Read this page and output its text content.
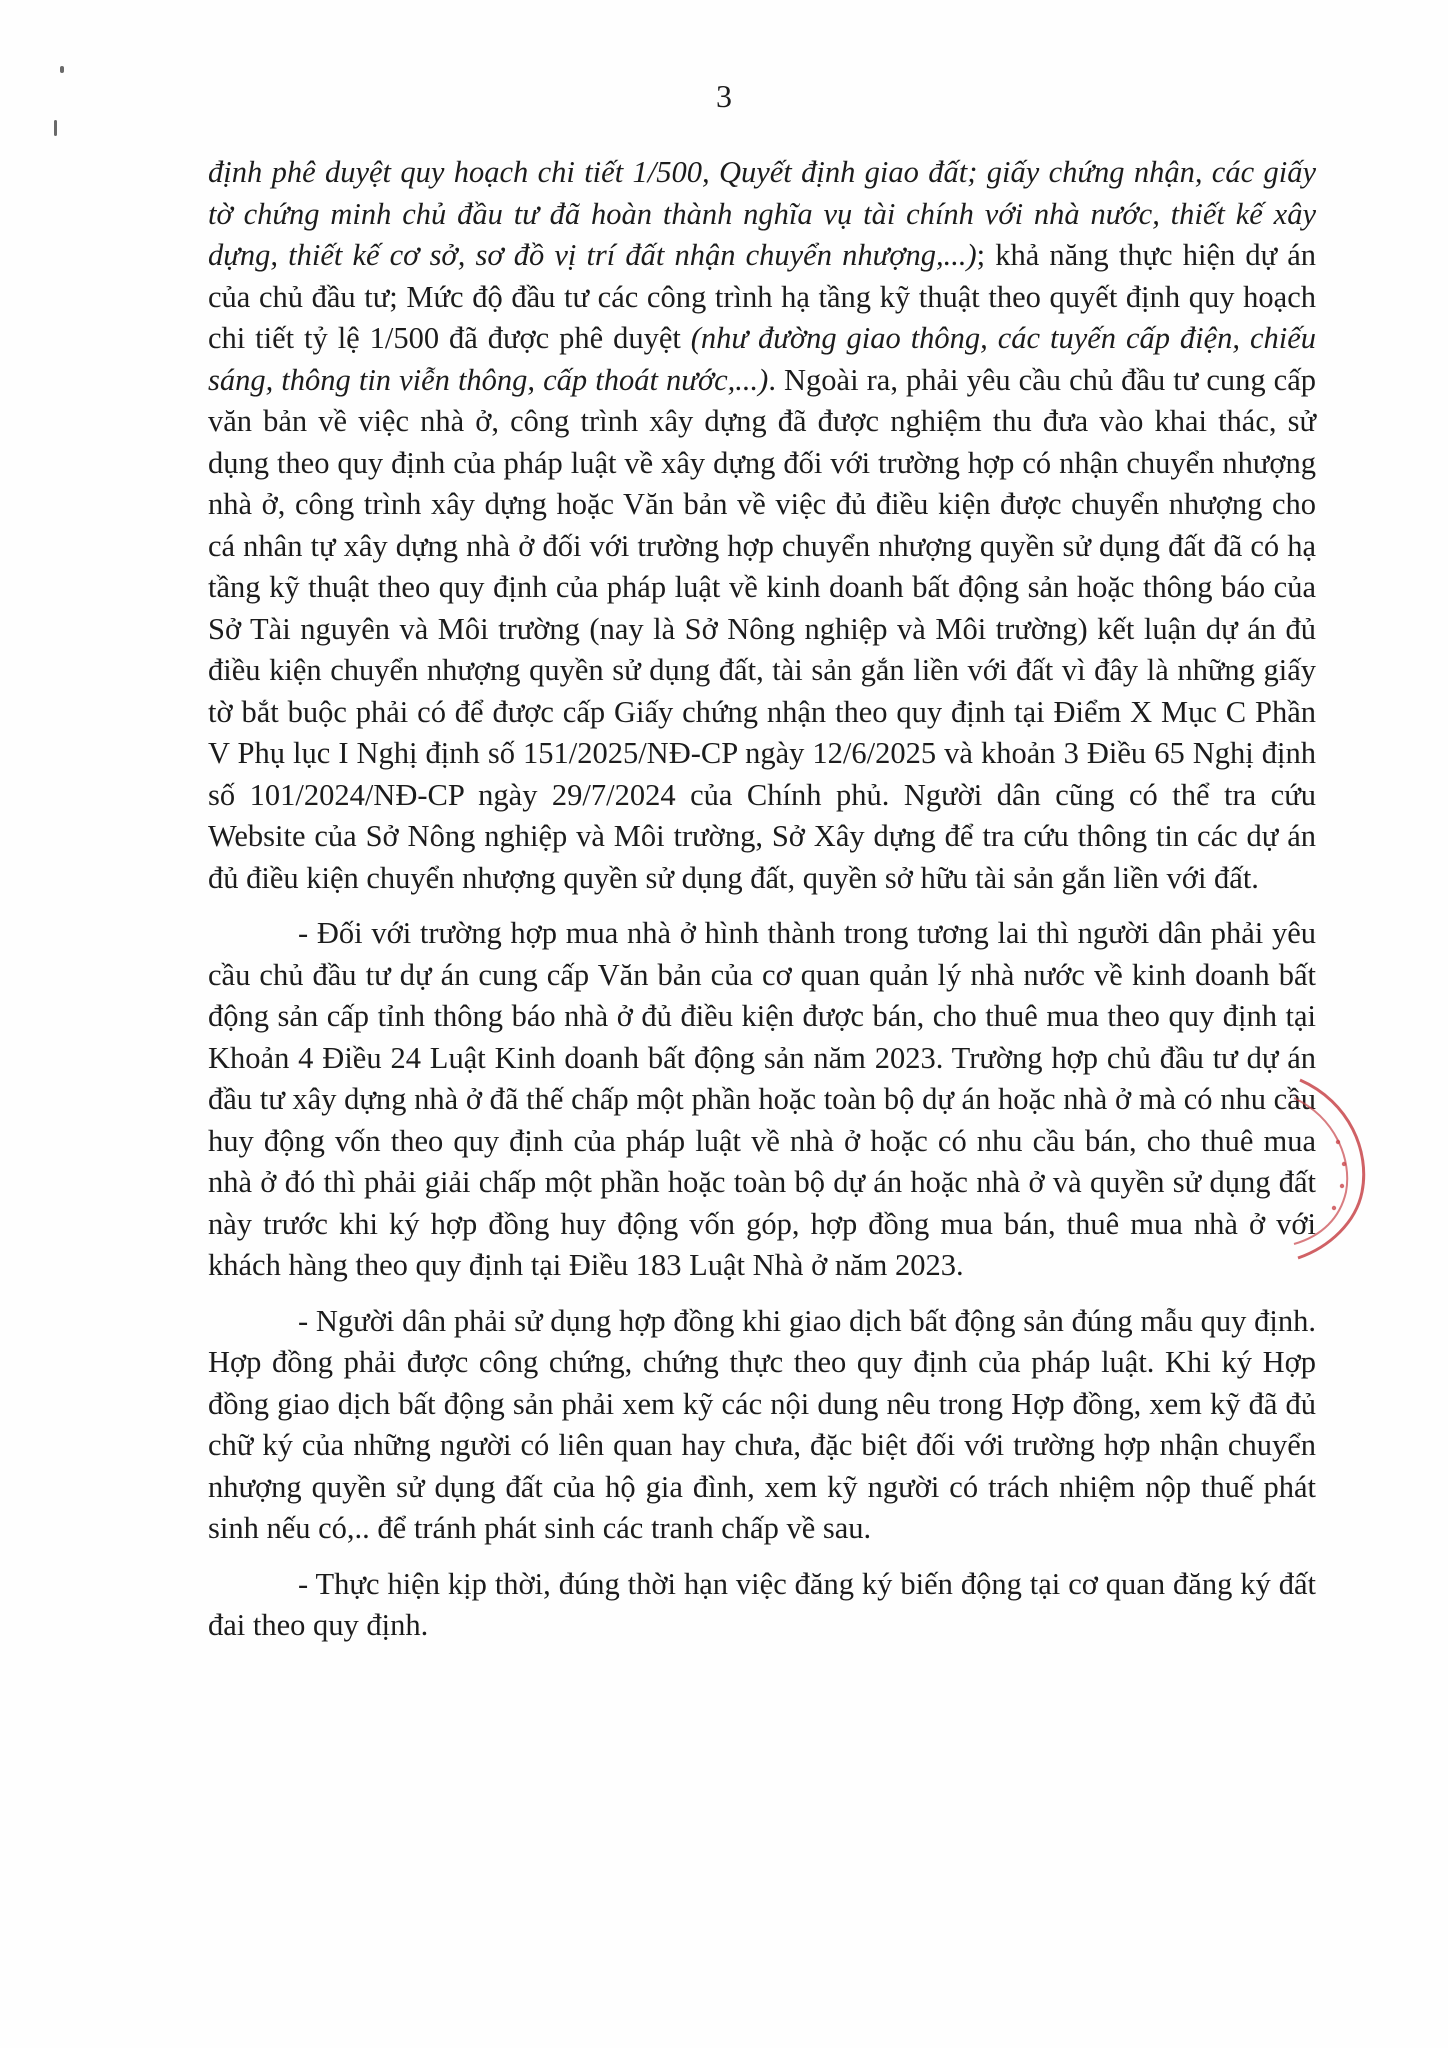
3

định phê duyệt quy hoạch chi tiết 1/500, Quyết định giao đất; giấy chứng nhận, các giấy tờ chứng minh chủ đầu tư đã hoàn thành nghĩa vụ tài chính với nhà nước, thiết kế xây dựng, thiết kế cơ sở, sơ đồ vị trí đất nhận chuyển nhượng,...); khả năng thực hiện dự án của chủ đầu tư; Mức độ đầu tư các công trình hạ tầng kỹ thuật theo quyết định quy hoạch chi tiết tỷ lệ 1/500 đã được phê duyệt (như đường giao thông, các tuyến cấp điện, chiếu sáng, thông tin viễn thông, cấp thoát nước,...). Ngoài ra, phải yêu cầu chủ đầu tư cung cấp văn bản về việc nhà ở, công trình xây dựng đã được nghiệm thu đưa vào khai thác, sử dụng theo quy định của pháp luật về xây dựng đối với trường hợp có nhận chuyển nhượng nhà ở, công trình xây dựng hoặc Văn bản về việc đủ điều kiện được chuyển nhượng cho cá nhân tự xây dựng nhà ở đối với trường hợp chuyển nhượng quyền sử dụng đất đã có hạ tầng kỹ thuật theo quy định của pháp luật về kinh doanh bất động sản hoặc thông báo của Sở Tài nguyên và Môi trường (nay là Sở Nông nghiệp và Môi trường) kết luận dự án đủ điều kiện chuyển nhượng quyền sử dụng đất, tài sản gắn liền với đất vì đây là những giấy tờ bắt buộc phải có để được cấp Giấy chứng nhận theo quy định tại Điểm X Mục C Phần V Phụ lục I Nghị định số 151/2025/NĐ-CP ngày 12/6/2025 và khoản 3 Điều 65 Nghị định số 101/2024/NĐ-CP ngày 29/7/2024 của Chính phủ. Người dân cũng có thể tra cứu Website của Sở Nông nghiệp và Môi trường, Sở Xây dựng để tra cứu thông tin các dự án đủ điều kiện chuyển nhượng quyền sử dụng đất, quyền sở hữu tài sản gắn liền với đất.

- Đối với trường hợp mua nhà ở hình thành trong tương lai thì người dân phải yêu cầu chủ đầu tư dự án cung cấp Văn bản của cơ quan quản lý nhà nước về kinh doanh bất động sản cấp tỉnh thông báo nhà ở đủ điều kiện được bán, cho thuê mua theo quy định tại Khoản 4 Điều 24 Luật Kinh doanh bất động sản năm 2023. Trường hợp chủ đầu tư dự án đầu tư xây dựng nhà ở đã thế chấp một phần hoặc toàn bộ dự án hoặc nhà ở mà có nhu cầu huy động vốn theo quy định của pháp luật về nhà ở hoặc có nhu cầu bán, cho thuê mua nhà ở đó thì phải giải chấp một phần hoặc toàn bộ dự án hoặc nhà ở và quyền sử dụng đất này trước khi ký hợp đồng huy động vốn góp, hợp đồng mua bán, thuê mua nhà ở với khách hàng theo quy định tại Điều 183 Luật Nhà ở năm 2023.

- Người dân phải sử dụng hợp đồng khi giao dịch bất động sản đúng mẫu quy định. Hợp đồng phải được công chứng, chứng thực theo quy định của pháp luật. Khi ký Hợp đồng giao dịch bất động sản phải xem kỹ các nội dung nêu trong Hợp đồng, xem kỹ đã đủ chữ ký của những người có liên quan hay chưa, đặc biệt đối với trường hợp nhận chuyển nhượng quyền sử dụng đất của hộ gia đình, xem kỹ người có trách nhiệm nộp thuế phát sinh nếu có,.. để tránh phát sinh các tranh chấp về sau.

- Thực hiện kịp thời, đúng thời hạn việc đăng ký biến động tại cơ quan đăng ký đất đai theo quy định.
